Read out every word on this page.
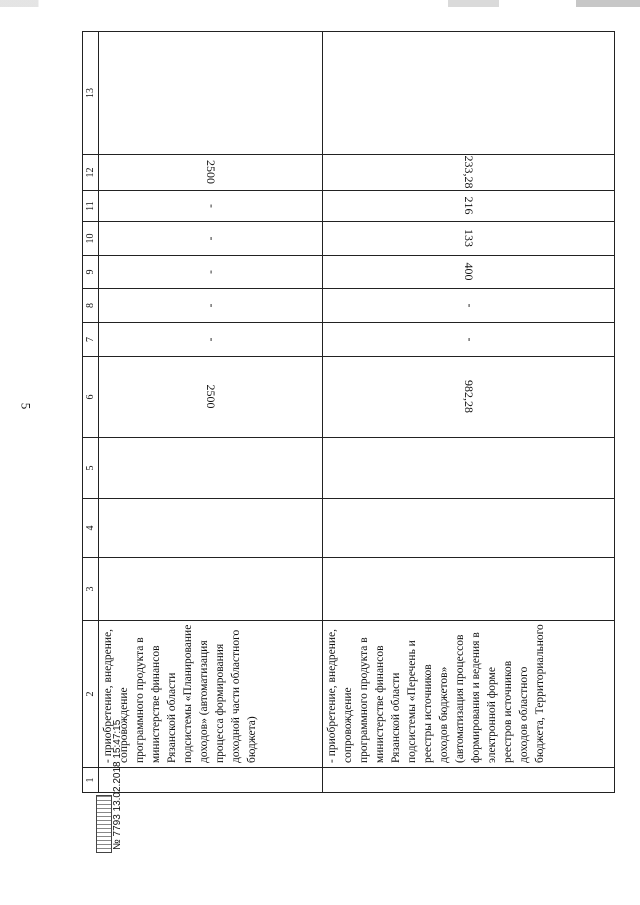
5
1	2	3	4	5	6	7	8	9	10	11	12	13
	- приобретение, внедрение, сопровождение программного продукта в министерстве финансов Рязанской области подсистемы «Планирование доходов» (автоматизация процесса формирования доходной части областного бюджета)				2500	-	-	-	-	-	2500	
	- приобретение, внедрение, сопровождение программного продукта в министерстве финансов Рязанской области подсистемы «Перечень и реестры источников доходов бюджетов» (автоматизация процессов формирования и ведения в электронной форме реестров источников доходов областного бюджета, Территориального				982,28	-	-	400	133	216	233,28	
№ 7793 13.02.2018 15:47:15
